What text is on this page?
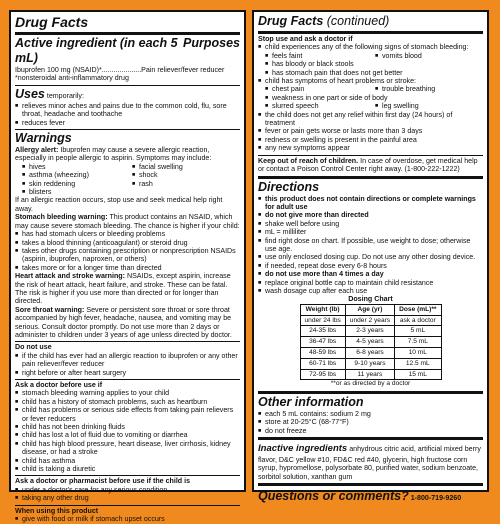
Drug Facts
Active ingredient (in each 5 mL)
Purposes
Ibuprofen 100 mg (NSAID)*....................Pain reliever/fever reducer
*nonsteroidal anti-inflammatory drug
Uses temporarily:
■ relieves minor aches and pains due to the common cold, flu, sore throat, headache and toothache
■ reduces fever
Warnings
Allergy alert: Ibuprofen may cause a severe allergic reaction, especially in people allergic to aspirin. Symptoms may include:
■ hives	■ facial swelling
■ asthma (wheezing)	■ shock
■ skin reddening	■ rash
■ blisters
If an allergic reaction occurs, stop use and seek medical help right away.
Stomach bleeding warning: This product contains an NSAID, which may cause severe stomach bleeding. The chance is higher if your child:
■ has had stomach ulcers or bleeding problems
■ takes a blood thinning (anticoagulant) or steroid drug
■ takes other drugs containing prescription or nonprescription NSAIDs (aspirin, ibuprofen, naproxen, or others)
■ takes more or for a longer time than directed
Heart attack and stroke warning: NSAIDs, except aspirin, increase the risk of heart attack, heart failure, and stroke. These can be fatal. The risk is higher if you use more than directed or for longer than directed.
Sore throat warning: Severe or persistent sore throat or sore throat accompanied by high fever, headache, nausea, and vomiting may be serious. Consult doctor promptly. Do not use more than 2 days or administer to children under 3 years of age unless directed by doctor.
Do not use
■ if the child has ever had an allergic reaction to ibuprofen or any other pain reliever/fever reducer
■ right before or after heart surgery
Ask a doctor before use if
■ stomach bleeding warning applies to your child
■ child has a history of stomach problems, such as heartburn
■ child has problems or serious side effects from taking pain relievers or fever reducers
■ child has not been drinking fluids
■ child has lost a lot of fluid due to vomiting or diarrhea
■ child has high blood pressure, heart disease, liver cirrhosis, kidney disease, or had a stroke
■ child has asthma
■ child is taking a diuretic
Ask a doctor or pharmacist before use if the child is
■ under a doctor's care for any serious condition
■ taking any other drug
When using this product
■ give with food or milk if stomach upset occurs
Drug Facts (continued)
Stop use and ask a doctor if
■ child experiences any of the following signs of stomach bleeding:
■ feels faint	■ vomits blood
■ has bloody or black stools
■ has stomach pain that does not get better
■ child has symptoms of heart problems or stroke:
■ chest pain	■ trouble breathing
■ weakness in one part or side of body
■ slurred speech	■ leg swelling
■ the child does not get any relief within first day (24 hours) of treatment
■ fever or pain gets worse or lasts more than 3 days
■ redness or swelling is present in the painful area
■ any new symptoms appear
Keep out of reach of children. In case of overdose, get medical help or contact a Poison Control Center right away. (1-800-222-1222)
Directions
■ this product does not contain directions or complete warnings for adult use
■ do not give more than directed
■ shake well before using
■ mL = milliliter
■ find right dose on chart. If possible, use weight to dose; otherwise use age.
■ use only enclosed dosing cup. Do not use any other dosing device.
■ if needed, repeat dose every 6-8 hours
■ do not use more than 4 times a day
■ replace original bottle cap to maintain child resistance
■ wash dosage cup after each use
Dosing Chart
Weight (lb)	Age (yr)	Dose (mL)**
under 24 lbs	under 2 years	ask a doctor
24-35 lbs	2-3 years	5 mL
36-47 lbs	4-5 years	7.5 mL
48-59 lbs	6-8 years	10 mL
60-71 lbs	9-10 years	12.5 mL
72-95 lbs	11 years	15 mL
**or as directed by a doctor
Other information
■ each 5 mL contains: sodium 2 mg
■ store at 20-25°C (68-77°F)
■ do not freeze
Inactive ingredients anhydrous citric acid, artificial mixed berry flavor, D&C yellow #10, FD&C red #40, glycerin, high fructose corn syrup, hypromellose, polysorbate 80, purified water, sodium benzoate, sorbitol solution, xanthan gum
Questions or comments? 1-800-719-9260
